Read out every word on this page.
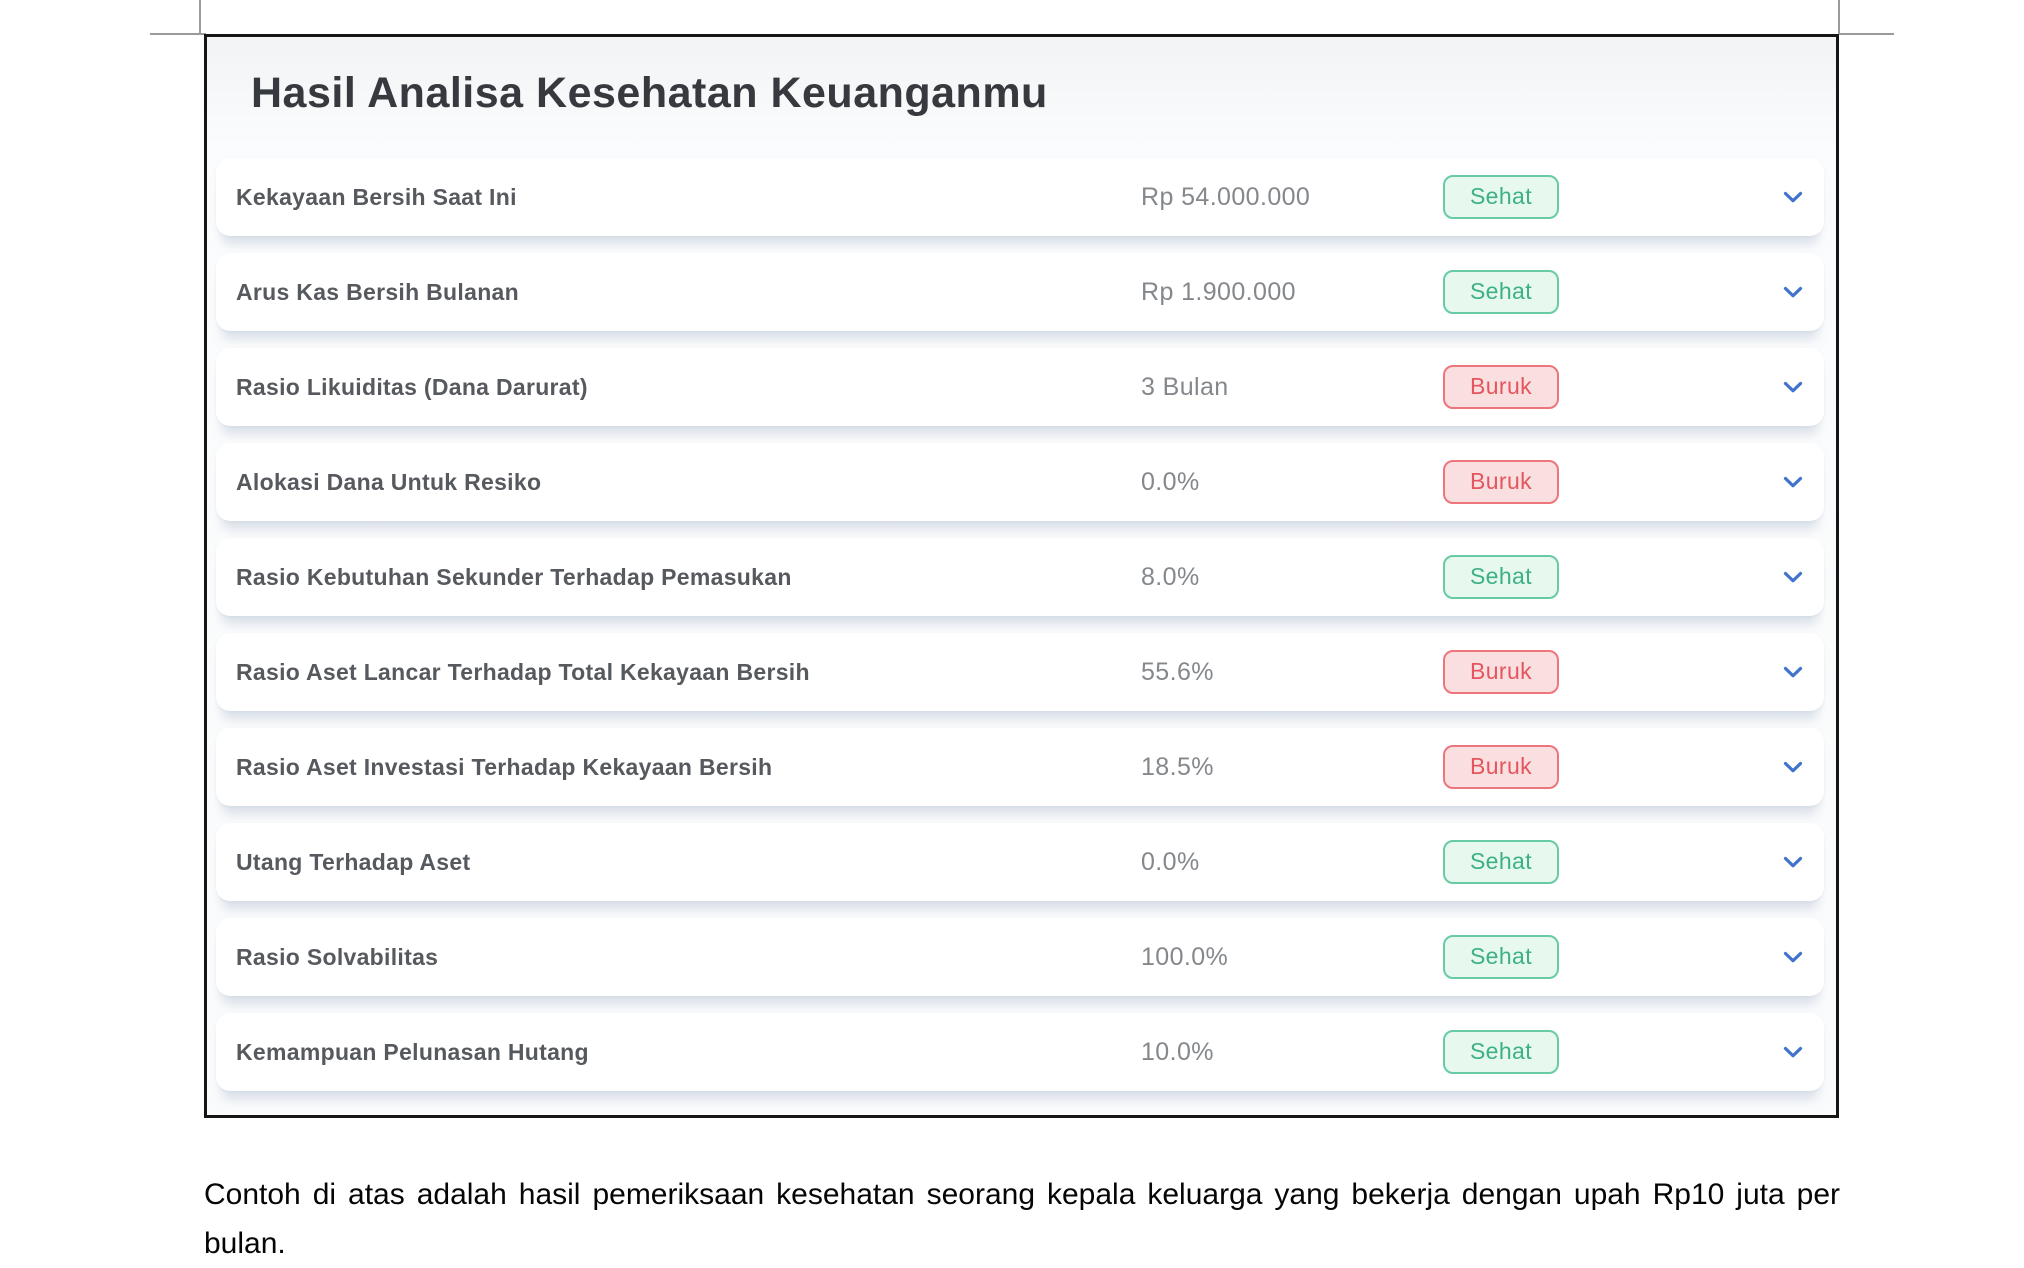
Hasil Analisa Kesehatan Keuanganmu
Kekayaan Bersih Saat Ini	Rp 54.000.000	Sehat
Arus Kas Bersih Bulanan	Rp 1.900.000	Sehat
Rasio Likuiditas (Dana Darurat)	3 Bulan	Buruk
Alokasi Dana Untuk Resiko	0.0%	Buruk
Rasio Kebutuhan Sekunder Terhadap Pemasukan	8.0%	Sehat
Rasio Aset Lancar Terhadap Total Kekayaan Bersih	55.6%	Buruk
Rasio Aset Investasi Terhadap Kekayaan Bersih	18.5%	Buruk
Utang Terhadap Aset	0.0%	Sehat
Rasio Solvabilitas	100.0%	Sehat
Kemampuan Pelunasan Hutang	10.0%	Sehat

Contoh di atas adalah hasil pemeriksaan kesehatan seorang kepala keluarga yang bekerja dengan upah Rp10 juta per bulan.
